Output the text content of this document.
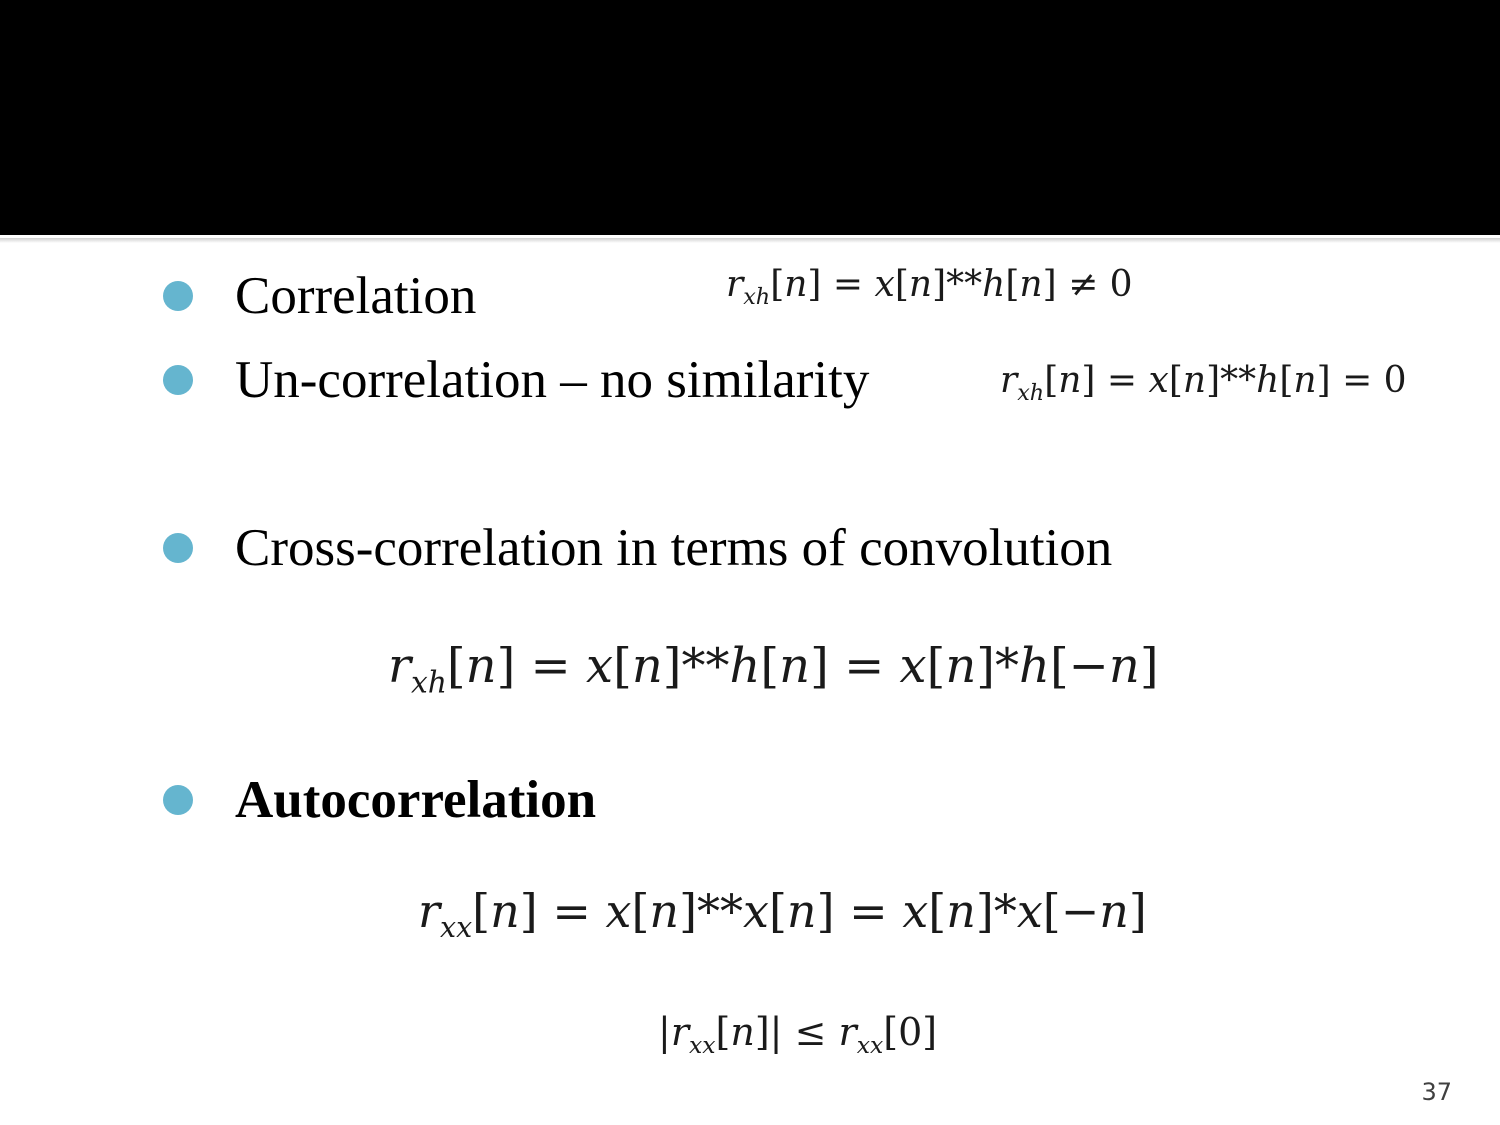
Correlation	$r_{xh}[n] = x[n]**h[n] \ne 0$
Un-correlation – no similarity	$r_{xh}[n] = x[n]**h[n] = 0$
Cross-correlation in terms of convolution
$r_{xh}[n] = x[n]**h[n] = x[n]*h[-n]$
Autocorrelation
$r_{xx}[n] = x[n]**x[n] = x[n]*x[-n]$
$|r_{xx}[n]| \le r_{xx}[0]$
37
